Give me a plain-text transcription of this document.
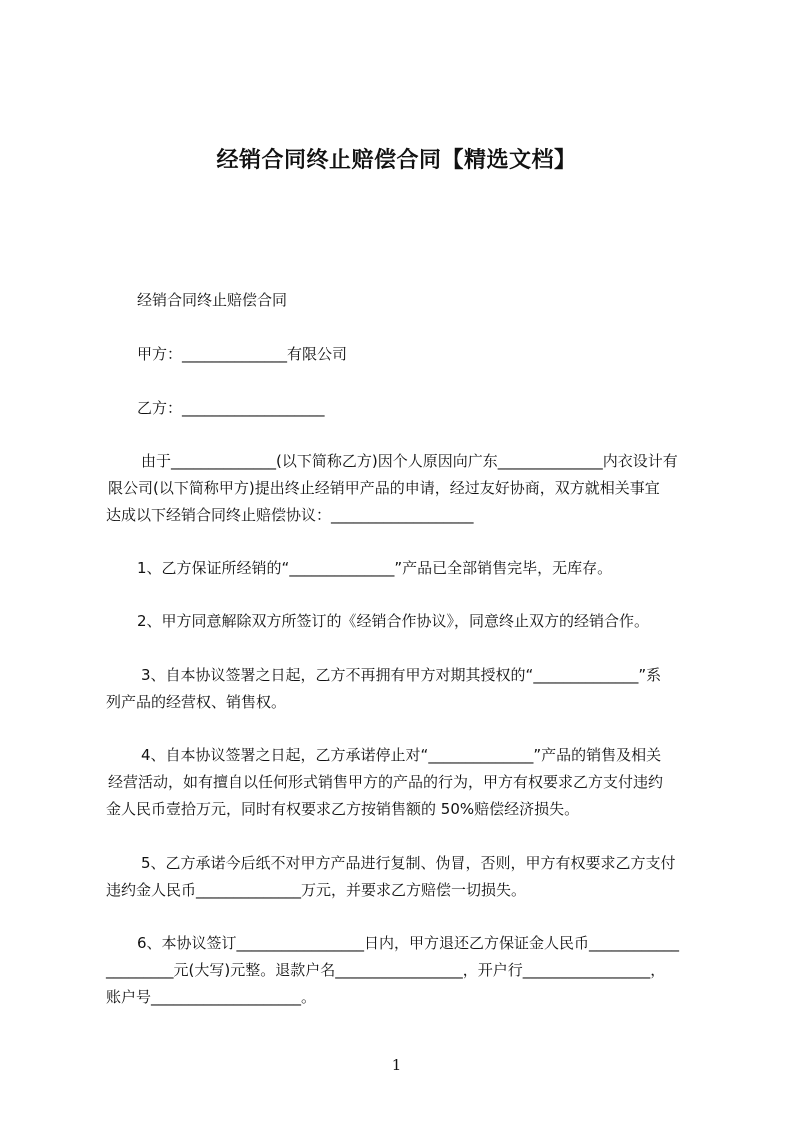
经销合同终止赔偿合同【精选文档】
经销合同终止赔偿合同
甲方：______________有限公司
乙方：___________________
由于______________(以下简称乙方)因个人原因向广东______________内衣设计有
限公司(以下简称甲方)提出终止经销甲产品的申请，经过友好协商，双方就相关事宜
达成以下经销合同终止赔偿协议：___________________
1、乙方保证所经销的“______________”产品已全部销售完毕，无库存。
2、甲方同意解除双方所签订的《经销合作协议》，同意终止双方的经销合作。
3、自本协议签署之日起，乙方不再拥有甲方对期其授权的“______________”系
列产品的经营权、销售权。
4、自本协议签署之日起，乙方承诺停止对“______________”产品的销售及相关
经营活动，如有擅自以任何形式销售甲方的产品的行为，甲方有权要求乙方支付违约
金人民币壹拾万元，同时有权要求乙方按销售额的 50%赔偿经济损失。
5、乙方承诺今后纸不对甲方产品进行复制、伪冒，否则，甲方有权要求乙方支付
违约金人民币______________万元，并要求乙方赔偿一切损失。
6、本协议签订_________________日内，甲方退还乙方保证金人民币____________
_________元(大写)元整。退款户名_________________，开户行_________________，
账户号____________________。
1
